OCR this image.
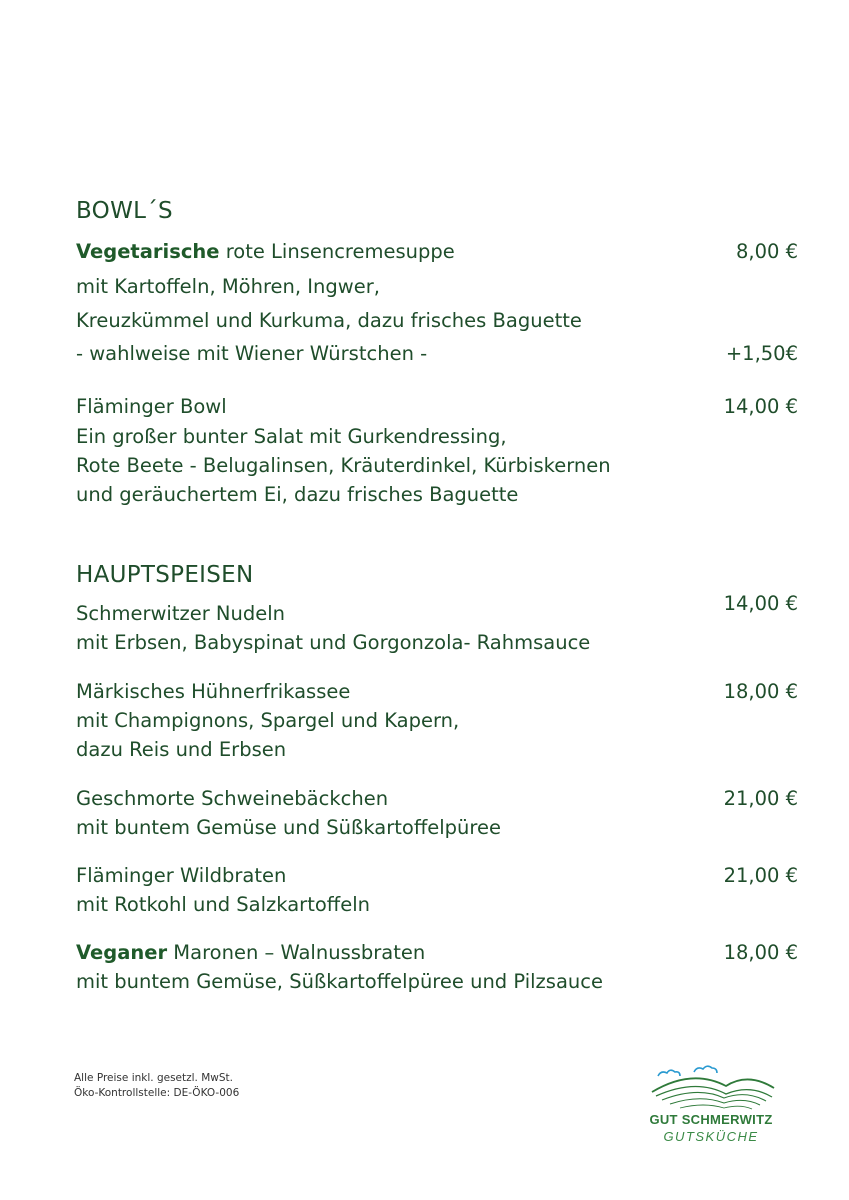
BOWL´S
Vegetarische rote Linsencremesuppe	8,00 €
mit Kartoffeln, Möhren, Ingwer,
Kreuzkümmel und Kurkuma, dazu frisches Baguette
- wahlweise mit Wiener Würstchen -	+1,50€
Fläminger Bowl	14,00 €
Ein großer bunter Salat mit Gurkendressing,
Rote Beete - Belugalinsen, Kräuterdinkel, Kürbiskernen
und geräuchertem Ei, dazu frisches Baguette
HAUPTSPEISEN
Schmerwitzer Nudeln	14,00 €
mit Erbsen, Babyspinat und Gorgonzola- Rahmsauce
Märkisches Hühnerfrikassee	18,00 €
mit Champignons, Spargel und Kapern,
dazu Reis und Erbsen
Geschmorte Schweinebäckchen	21,00 €
mit buntem Gemüse und Süßkartoffelpüree
Fläminger Wildbraten	21,00 €
mit Rotkohl und Salzkartoffeln
Veganer Maronen – Walnussbraten	18,00 €
mit buntem Gemüse, Süßkartoffelpüree und Pilzsauce
Alle Preise inkl. gesetzl. MwSt.
Öko-Kontrollstelle: DE-ÖKO-006
GUT SCHMERWITZ
GUTSKÜCHE
